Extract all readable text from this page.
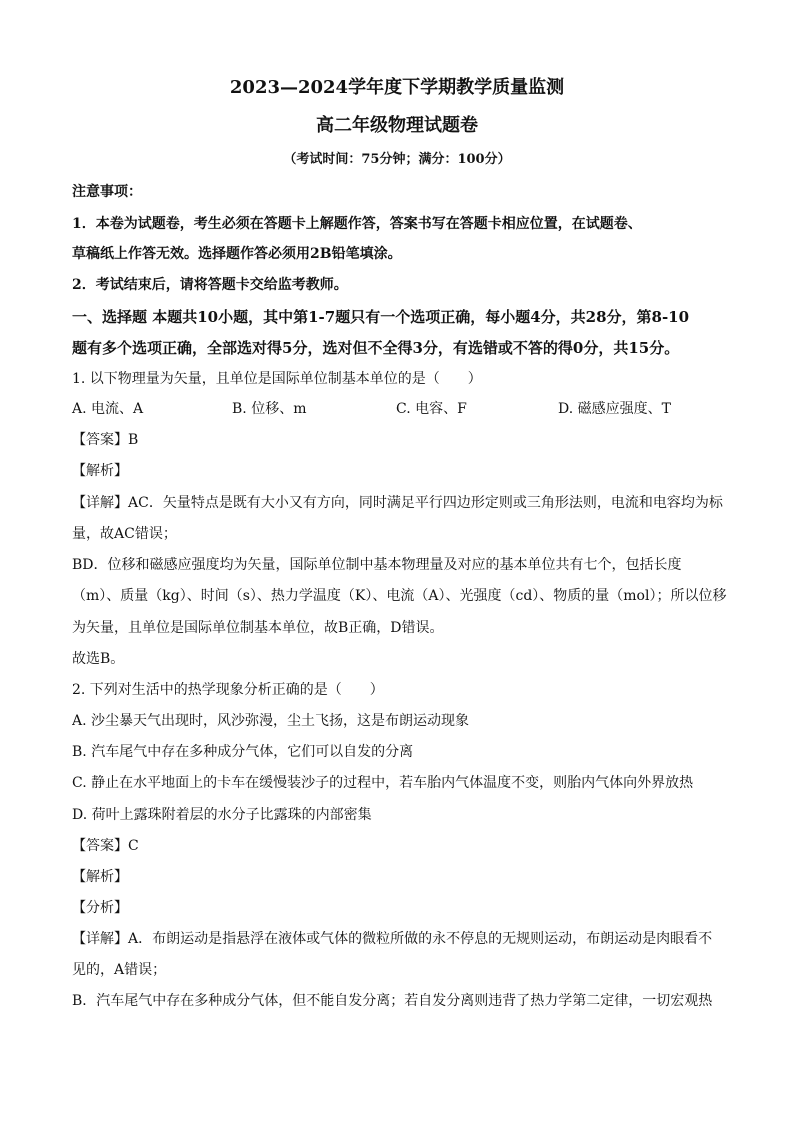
2023—2024学年度下学期教学质量监测
高二年级物理试题卷
（考试时间：75分钟；满分：100分）
注意事项：
1．本卷为试题卷，考生必须在答题卡上解题作答，答案书写在答题卡相应位置，在试题卷、
草稿纸上作答无效。选择题作答必须用2B铅笔填涂。
2．考试结束后，请将答题卡交给监考教师。
一、选择题 本题共10小题，其中第1-7题只有一个选项正确，每小题4分，共28分，第8-10
题有多个选项正确，全部选对得5分，选对但不全得3分，有选错或不答的得0分，共15分。
1. 以下物理量为矢量，且单位是国际单位制基本单位的是（　　）
A. 电流、A	B. 位移、m	C. 电容、F	D. 磁感应强度、T
【答案】B
【解析】
【详解】AC．矢量特点是既有大小又有方向，同时满足平行四边形定则或三角形法则，电流和电容均为标
量，故AC错误；
BD．位移和磁感应强度均为矢量，国际单位制中基本物理量及对应的基本单位共有七个，包括长度
（m）、质量（kg）、时间（s）、热力学温度（K）、电流（A）、光强度（cd）、物质的量（mol）；所以位移
为矢量，且单位是国际单位制基本单位，故B正确，D错误。
故选B。
2. 下列对生活中的热学现象分析正确的是（　　）
A. 沙尘暴天气出现时，风沙弥漫，尘土飞扬，这是布朗运动现象
B. 汽车尾气中存在多种成分气体，它们可以自发的分离
C. 静止在水平地面上的卡车在缓慢装沙子的过程中，若车胎内气体温度不变，则胎内气体向外界放热
D. 荷叶上露珠附着层的水分子比露珠的内部密集
【答案】C
【解析】
【分析】
【详解】A．布朗运动是指悬浮在液体或气体的微粒所做的永不停息的无规则运动，布朗运动是肉眼看不
见的，A错误；
B．汽车尾气中存在多种成分气体，但不能自发分离；若自发分离则违背了热力学第二定律，一切宏观热
